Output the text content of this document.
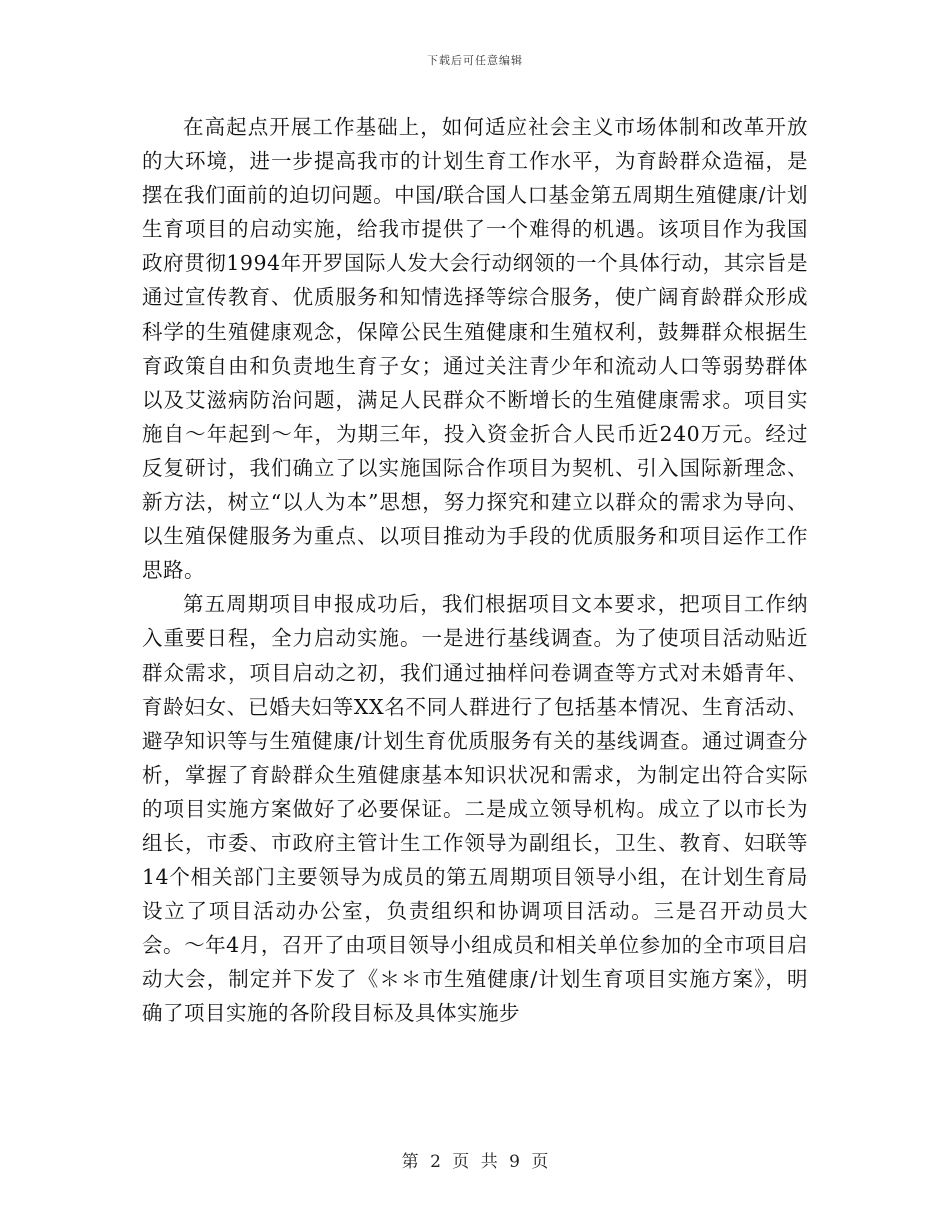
下载后可任意编辑

在高起点开展工作基础上，如何适应社会主义市场体制和改革开放的大环境，进一步提高我市的计划生育工作水平，为育龄群众造福，是摆在我们面前的迫切问题。中国/联合国人口基金第五周期生殖健康/计划生育项目的启动实施，给我市提供了一个难得的机遇。该项目作为我国政府贯彻1994年开罗国际人发大会行动纲领的一个具体行动，其宗旨是通过宣传教育、优质服务和知情选择等综合服务，使广阔育龄群众形成科学的生殖健康观念，保障公民生殖健康和生殖权利，鼓舞群众根据生育政策自由和负责地生育子女；通过关注青少年和流动人口等弱势群体以及艾滋病防治问题，满足人民群众不断增长的生殖健康需求。项目实施自～年起到～年，为期三年，投入资金折合人民币近240万元。经过反复研讨，我们确立了以实施国际合作项目为契机、引入国际新理念、新方法，树立“以人为本”思想，努力探究和建立以群众的需求为导向、以生殖保健服务为重点、以项目推动为手段的优质服务和项目运作工作思路。

第五周期项目申报成功后，我们根据项目文本要求，把项目工作纳入重要日程，全力启动实施。一是进行基线调查。为了使项目活动贴近群众需求，项目启动之初，我们通过抽样问卷调查等方式对未婚青年、育龄妇女、已婚夫妇等XX名不同人群进行了包括基本情况、生育活动、避孕知识等与生殖健康/计划生育优质服务有关的基线调查。通过调查分析，掌握了育龄群众生殖健康基本知识状况和需求，为制定出符合实际的项目实施方案做好了必要保证。二是成立领导机构。成立了以市长为组长，市委、市政府主管计生工作领导为副组长，卫生、教育、妇联等14个相关部门主要领导为成员的第五周期项目领导小组，在计划生育局设立了项目活动办公室，负责组织和协调项目活动。三是召开动员大会。～年4月，召开了由项目领导小组成员和相关单位参加的全市项目启动大会，制定并下发了《＊＊市生殖健康/计划生育项目实施方案》，明确了项目实施的各阶段目标及具体实施步

第 2 页 共 9 页
